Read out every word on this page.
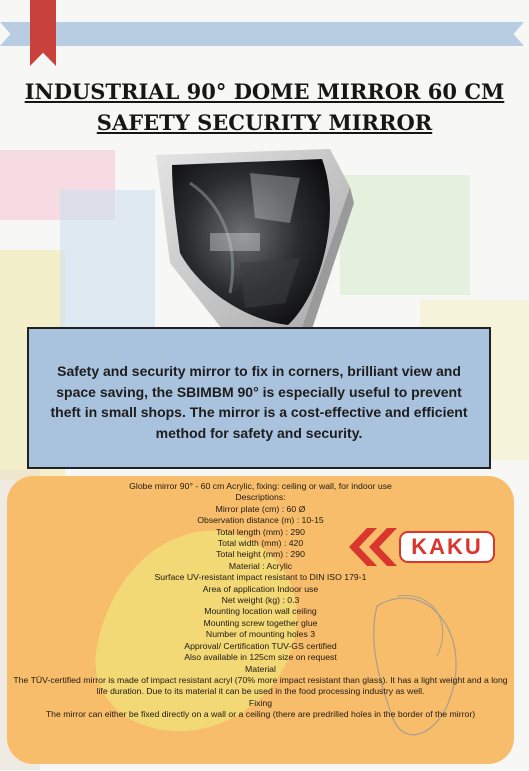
INDUSTRIAL 90° DOME MIRROR 60 CM SAFETY SECURITY MIRROR

Safety and security mirror to fix in corners, brilliant view and space saving, the SBIMBM 90° is especially useful to prevent theft in small shops. The mirror is a cost-effective and efficient method for safety and security.

Globe mirror 90° - 60 cm Acrylic, fixing: ceiling or wall, for indoor use
Descriptions:
Mirror plate (cm) : 60 Ø
Observation distance (m) : 10-15
Total length (mm) : 290
Total width (mm) : 420
Total height (mm) : 290
Material : Acrylic
Surface UV-resistant impact resistant to DIN ISO 179-1
Area of application Indoor use
Net weight (kg) : 0.3
Mounting location wall ceiling
Mounting screw together glue
Number of mounting holes 3
Approval/ Certification TUV-GS certified
Also available in 125cm size on request
Material
The TÜV-certified mirror is made of impact resistant acryl (70% more impact resistant than glass). It has a light weight and a long life duration. Due to its material it can be used in the food processing industry as well.
Fixing
The mirror can either be fixed directly on a wall or a ceiling (there are predrilled holes in the border of the mirror)
KAKU
